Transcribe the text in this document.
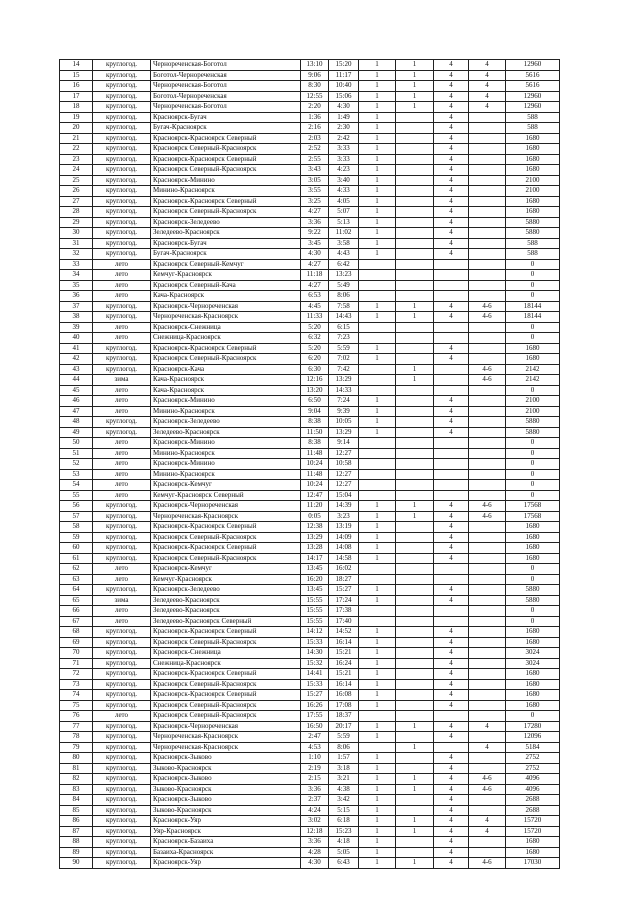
14	круглогод.	Чернореченская-Боготол	13:10	15:20	1	1	4	4	12960
15	круглогод.	Боготол-Чернореченская	9:06	11:17	1	1	4	4	5616
16	круглогод.	Чернореченская-Боготол	8:30	10:40	1	1	4	4	5616
17	круглогод.	Боготол-Чернореченская	12:55	15:06	1	1	4	4	12960
18	круглогод.	Чернореченская-Боготол	2:20	4:30	1	1	4	4	12960
19	круглогод.	Красноярск-Бугач	1:36	1:49	1		4		588
20	круглогод.	Бугач-Красноярск	2:16	2:30	1		4		588
21	круглогод.	Красноярск-Красноярск Северный	2:03	2:42	1		4		1680
22	круглогод.	Красноярск Северный-Красноярск	2:52	3:33	1		4		1680
23	круглогод.	Красноярск-Красноярск Северный	2:55	3:33	1		4		1680
24	круглогод.	Красноярск Северный-Красноярск	3:43	4:23	1		4		1680
25	круглогод.	Красноярск-Минино	3:05	3:40	1		4		2100
26	круглогод.	Минино-Красноярск	3:55	4:33	1		4		2100
27	круглогод.	Красноярск-Красноярск Северный	3:25	4:05	1		4		1680
28	круглогод.	Красноярск Северный-Красноярск	4:27	5:07	1		4		1680
29	круглогод.	Красноярск-Зеледеево	3:36	5:13	1		4		5880
30	круглогод.	Зеледеево-Красноярск	9:22	11:02	1		4		5880
31	круглогод.	Красноярск-Бугач	3:45	3:58	1		4		588
32	круглогод.	Бугач-Красноярск	4:30	4:43	1		4		588
33	лето	Красноярск Северный-Кемчуг	4:27	6:42					0
34	лето	Кемчуг-Красноярск	11:18	13:23					0
35	лето	Красноярск Северный-Кача	4:27	5:49					0
36	лето	Кача-Красноярск	6:53	8:06					0
37	круглогод.	Красноярск-Чернореченская	4:45	7:58	1	1	4	4-6	18144
38	круглогод.	Чернореченская-Красноярск	11:33	14:43	1	1	4	4-6	18144
39	лето	Красноярск-Снежница	5:20	6:15					0
40	лето	Снежница-Красноярск	6:32	7:23					0
41	круглогод.	Красноярск-Красноярск Северный	5:20	5:59	1		4		1680
42	круглогод.	Красноярск Северный-Красноярск	6:20	7:02	1		4		1680
43	круглогод.	Красноярск-Кача	6:30	7:42		1		4-6	2142
44	зима	Кача-Красноярск	12:16	13:29		1		4-6	2142
45	лето	Кача-Красноярск	13:20	14:33					0
46	лето	Красноярск-Минино	6:50	7:24	1		4		2100
47	лето	Минино-Красноярск	9:04	9:39	1		4		2100
48	круглогод.	Красноярск-Зеледеево	8:38	10:05	1		4		5880
49	круглогод.	Зеледеево-Красноярск	11:50	13:29	1		4		5880
50	лето	Красноярск-Минино	8:38	9:14					0
51	лето	Минино-Красноярск	11:48	12:27					0
52	лето	Красноярск-Минино	10:24	10:58					0
53	лето	Минино-Красноярск	11:48	12:27					0
54	лето	Красноярск-Кемчуг	10:24	12:27					0
55	лето	Кемчуг-Красноярск Северный	12:47	15:04					0
56	круглогод.	Красноярск-Чернореченская	11:20	14:39	1	1	4	4-6	17568
57	круглогод.	Чернореченская-Красноярск	0:05	3:23	1	1	4	4-6	17568
58	круглогод.	Красноярск-Красноярск Северный	12:38	13:19	1		4		1680
59	круглогод.	Красноярск Северный-Красноярск	13:29	14:09	1		4		1680
60	круглогод.	Красноярск-Красноярск Северный	13:28	14:08	1		4		1680
61	круглогод.	Красноярск Северный-Красноярск	14:17	14:58	1		4		1680
62	лето	Красноярск-Кемчуг	13:45	16:02					0
63	лето	Кемчуг-Красноярск	16:20	18:27					0
64	круглогод.	Красноярск-Зеледеево	13:45	15:27	1		4		5880
65	зима	Зеледеево-Красноярск	15:55	17:24	1		4		5880
66	лето	Зеледеево-Красноярск	15:55	17:38					0
67	лето	Зеледеево-Красноярск Северный	15:55	17:40					0
68	круглогод.	Красноярск-Красноярск Северный	14:12	14:52	1		4		1680
69	круглогод.	Красноярск Северный-Красноярск	15:33	16:14	1		4		1680
70	круглогод.	Красноярск-Снежница	14:30	15:21	1		4		3024
71	круглогод.	Снежница-Красноярск	15:32	16:24	1		4		3024
72	круглогод.	Красноярск-Красноярск Северный	14:41	15:21	1		4		1680
73	круглогод.	Красноярск Северный-Красноярск	15:33	16:14	1		4		1680
74	круглогод.	Красноярск-Красноярск Северный	15:27	16:08	1		4		1680
75	круглогод.	Красноярск Северный-Красноярск	16:26	17:08	1		4		1680
76	лето	Красноярск Северный-Красноярск	17:55	18:37					0
77	круглогод.	Красноярск-Чернореченская	16:50	20:17	1	1	4	4	17280
78	круглогод.	Чернореченская-Красноярск	2:47	5:59	1		4		12096
79	круглогод.	Чернореченская-Красноярск	4:53	8:06		1		4	5184
80	круглогод.	Красноярск-Зыково	1:10	1:57	1		4		2752
81	круглогод.	Зыково-Красноярск	2:19	3:18	1		4		2752
82	круглогод.	Красноярск-Зыково	2:15	3:21	1	1	4	4-6	4096
83	круглогод.	Зыково-Красноярск	3:36	4:38	1	1	4	4-6	4096
84	круглогод.	Красноярск-Зыково	2:37	3:42	1		4		2688
85	круглогод.	Зыково-Красноярск	4:24	5:15	1		4		2688
86	круглогод.	Красноярск-Уяр	3:02	6:18	1	1	4	4	15720
87	круглогод.	Уяр-Красноярск	12:18	15:23	1	1	4	4	15720
88	круглогод.	Красноярск-Базаиха	3:36	4:18	1		4		1680
89	круглогод.	Базаиха-Красноярск	4:28	5:05	1		4		1680
90	круглогод.	Красноярск-Уяр	4:30	6:43	1	1	4	4-6	17030
